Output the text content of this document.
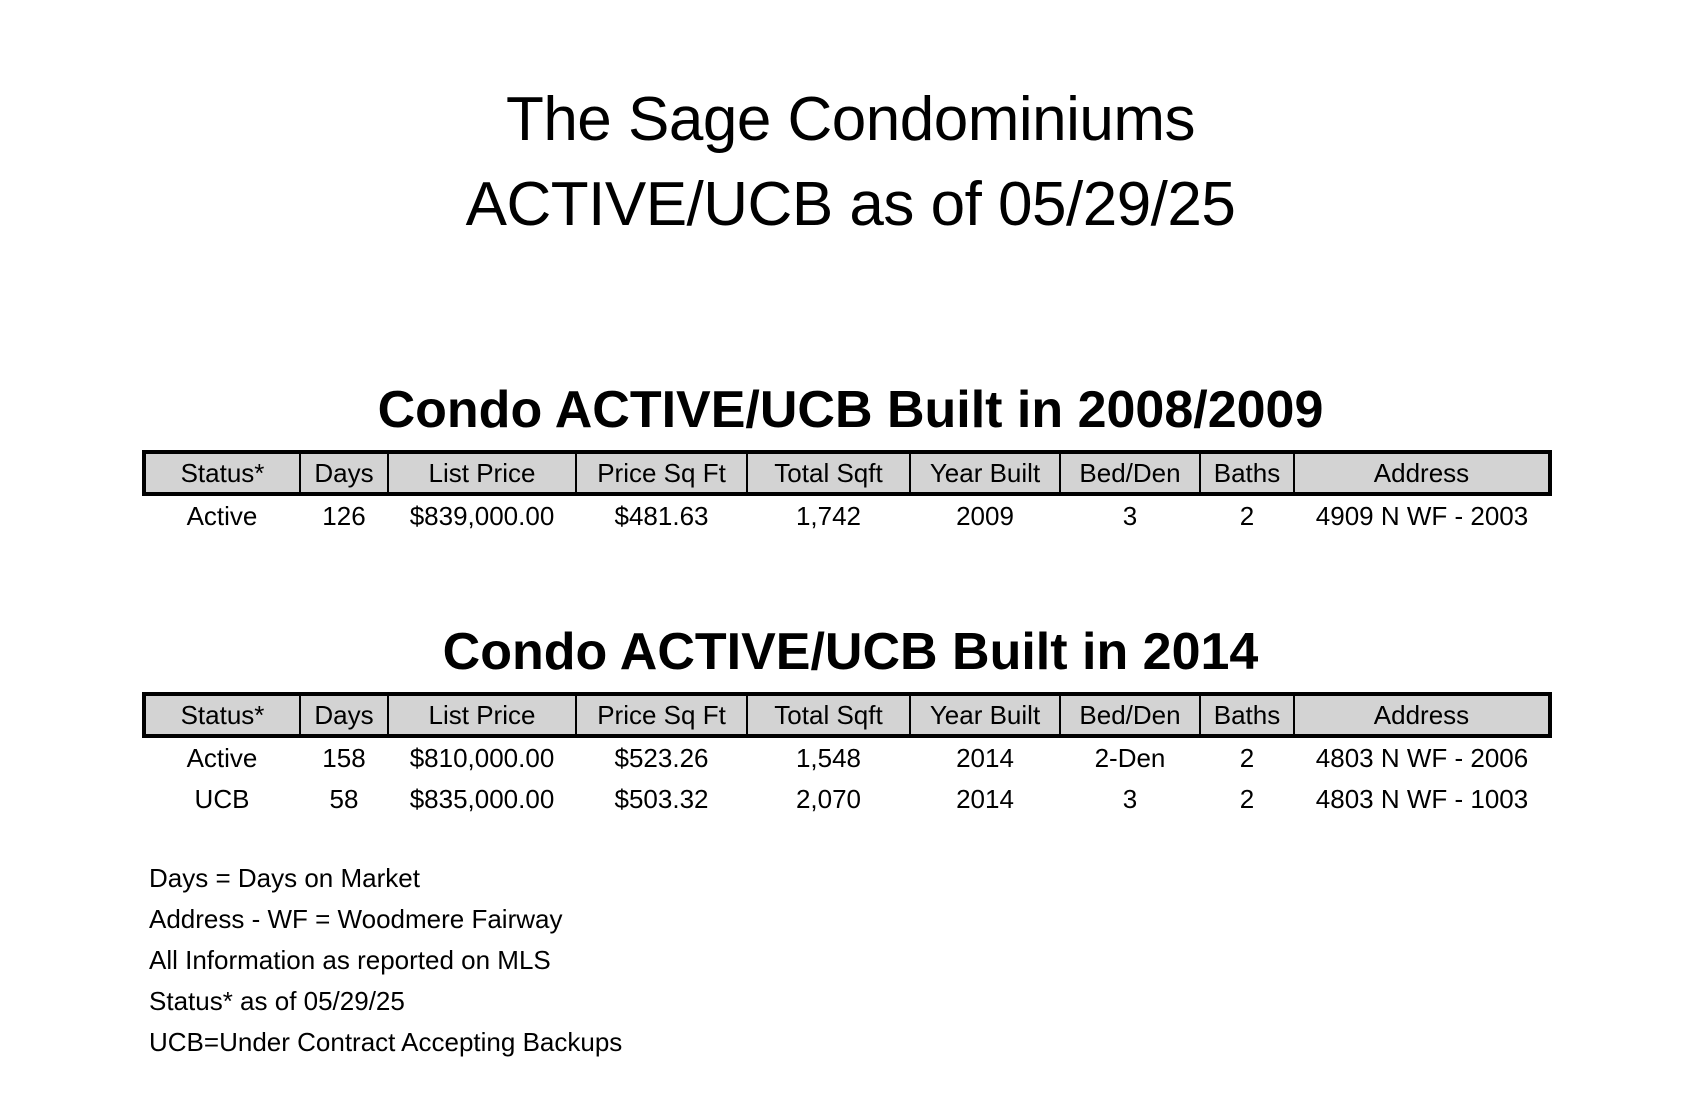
The Sage Condominiums
ACTIVE/UCB as of 05/29/25
Condo ACTIVE/UCB Built in 2008/2009
Status*	Days	List Price	Price Sq Ft	Total Sqft	Year Built	Bed/Den	Baths	Address
Active	126	$839,000.00	$481.63	1,742	2009	3	2	4909 N WF - 2003
Condo ACTIVE/UCB Built in 2014
Status*	Days	List Price	Price Sq Ft	Total Sqft	Year Built	Bed/Den	Baths	Address
Active	158	$810,000.00	$523.26	1,548	2014	2-Den	2	4803 N WF - 2006
UCB	58	$835,000.00	$503.32	2,070	2014	3	2	4803 N WF - 1003
Days = Days on Market
Address - WF = Woodmere Fairway
All Information as reported on MLS
Status* as of 05/29/25
UCB=Under Contract Accepting Backups
